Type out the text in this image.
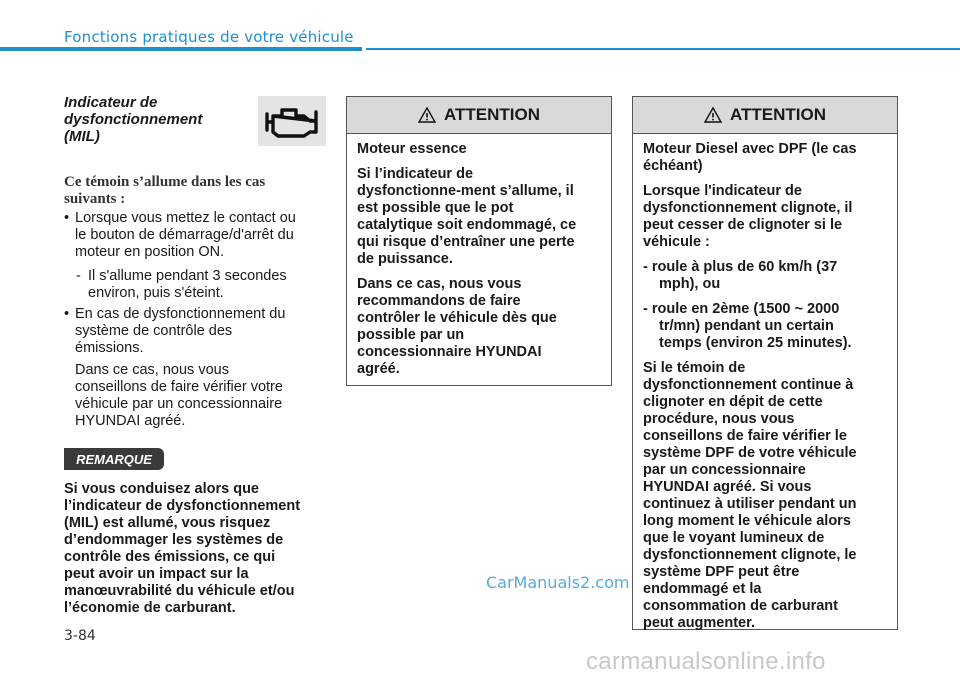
Fonctions pratiques de votre véhicule
Indicateur de
dysfonctionnement
(MIL)
Ce témoin s’allume dans les cas
suivants :
• Lorsque vous mettez le contact ou
le bouton de démarrage/d'arrêt du
moteur en position ON.
- Il s'allume pendant 3 secondes
environ, puis s'éteint.
• En cas de dysfonctionnement du
système de contrôle des
émissions.
Dans ce cas, nous vous
conseillons de faire vérifier votre
véhicule par un concessionnaire
HYUNDAI agréé.
REMARQUE
Si vous conduisez alors que
l’indicateur de dysfonctionnement
(MIL) est allumé, vous risquez
d’endommager les systèmes de
contrôle des émissions, ce qui
peut avoir un impact sur la
manœuvrabilité du véhicule et/ou
l’économie de carburant.
ATTENTION

Moteur essence

Si l’indicateur de
dysfonctionne-ment s’allume, il
est possible que le pot
catalytique soit endommagé, ce
qui risque d’entraîner une perte
de puissance.

Dans ce cas, nous vous
recommandons de faire
contrôler le véhicule dès que
possible par un
concessionnaire HYUNDAI
agréé.

ATTENTION

Moteur Diesel avec DPF (le cas
échéant)

Lorsque l'indicateur de
dysfonctionnement clignote, il
peut cesser de clignoter si le
véhicule :

- roule à plus de 60 km/h (37
mph), ou
- roule en 2ème (1500 ~ 2000
tr/mn) pendant un certain
temps (environ 25 minutes).

Si le témoin de
dysfonctionnement continue à
clignoter en dépit de cette
procédure, nous vous
conseillons de faire vérifier le
système DPF de votre véhicule
par un concessionnaire
HYUNDAI agréé. Si vous
continuez à utiliser pendant un
long moment le véhicule alors
que le voyant lumineux de
dysfonctionnement clignote, le
système DPF peut être
endommagé et la
consommation de carburant
peut augmenter.

CarManuals2.com
3-84
carmanualsonline.info
